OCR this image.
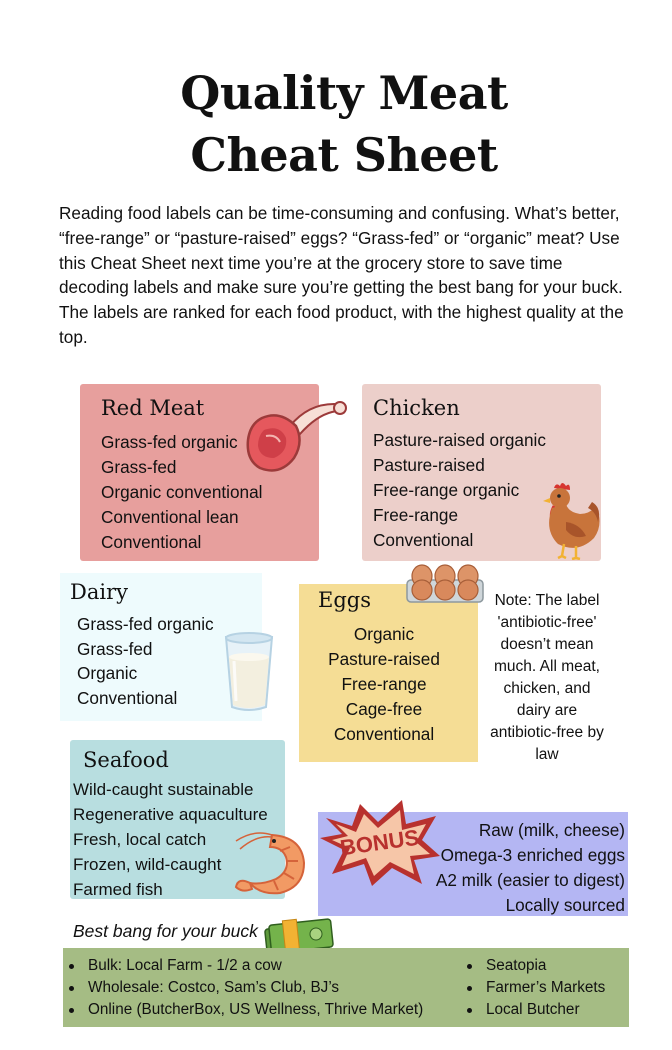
Quality Meat
Cheat Sheet

Reading food labels can be time-consuming and confusing. What’s better, “free-range” or “pasture-raised” eggs? “Grass-fed” or “organic” meat? Use this Cheat Sheet next time you’re at the grocery store to save time decoding labels and make sure you’re getting the best bang for your buck. The labels are ranked for each food product, with the highest quality at the top.

Red Meat
Grass-fed organic
Grass-fed
Organic conventional
Conventional lean
Conventional
Chicken
Pasture-raised organic
Pasture-raised
Free-range organic
Free-range
Conventional
Dairy
Grass-fed organic
Grass-fed
Organic
Conventional
Eggs
Organic
Pasture-raised
Free-range
Cage-free
Conventional
Seafood
Wild-caught sustainable
Regenerative aquaculture
Fresh, local catch
Frozen, wild-caught
Farmed fish
Raw (milk, cheese)
Omega-3 enriched eggs
A2 milk (easier to digest)
Locally sourced

Note: The label 'antibiotic-free' doesn’t mean much. All meat, chicken, and dairy are antibiotic-free by law

BONUS
Best bang for your buck
Bulk: Local Farm - 1/2 a cow
Wholesale: Costco, Sam’s Club, BJ’s
Online (ButcherBox, US Wellness, Thrive Market)
Seatopia
Farmer’s Markets
Local Butcher
